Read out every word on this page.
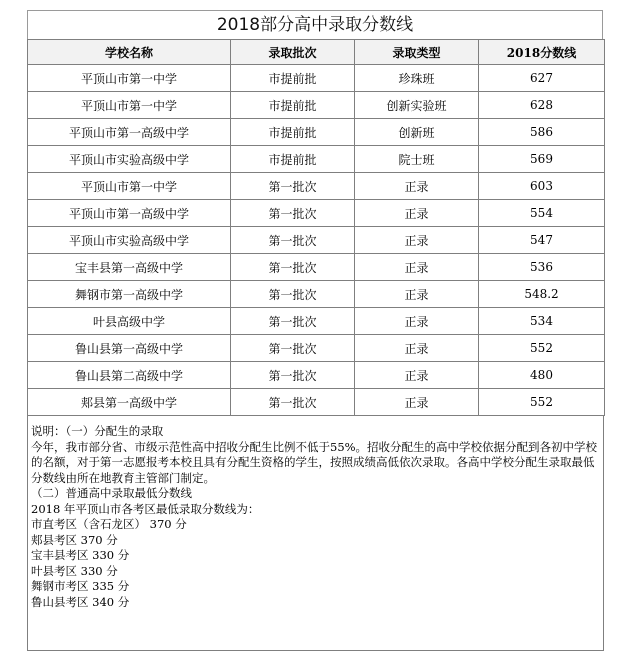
2018部分高中录取分数线
学校名称	录取批次	录取类型	2018分数线
平顶山市第一中学	市提前批	珍珠班	627
平顶山市第一中学	市提前批	创新实验班	628
平顶山市第一高级中学	市提前批	创新班	586
平顶山市实验高级中学	市提前批	院士班	569
平顶山市第一中学	第一批次	正录	603
平顶山市第一高级中学	第一批次	正录	554
平顶山市实验高级中学	第一批次	正录	547
宝丰县第一高级中学	第一批次	正录	536
舞钢市第一高级中学	第一批次	正录	548.2
叶县高级中学	第一批次	正录	534
鲁山县第一高级中学	第一批次	正录	552
鲁山县第二高级中学	第一批次	正录	480
郏县第一高级中学	第一批次	正录	552

说明：（一）分配生的录取

今年，我市部分省、市级示范性高中招收分配生比例不低于55%。招收分配生的高中学校依据分配到各初中学校的名额，对于第一志愿报考本校且具有分配生资格的学生，按照成绩高低依次录取。各高中学校分配生录取最低分数线由所在地教育主管部门制定。

（二）普通高中录取最低分数线

2018 年平顶山市各考区最低录取分数线为：

市直考区（含石龙区） 370 分

郏县考区 370 分

宝丰县考区 330 分

叶县考区 330 分

舞钢市考区 335 分

鲁山县考区 340 分
